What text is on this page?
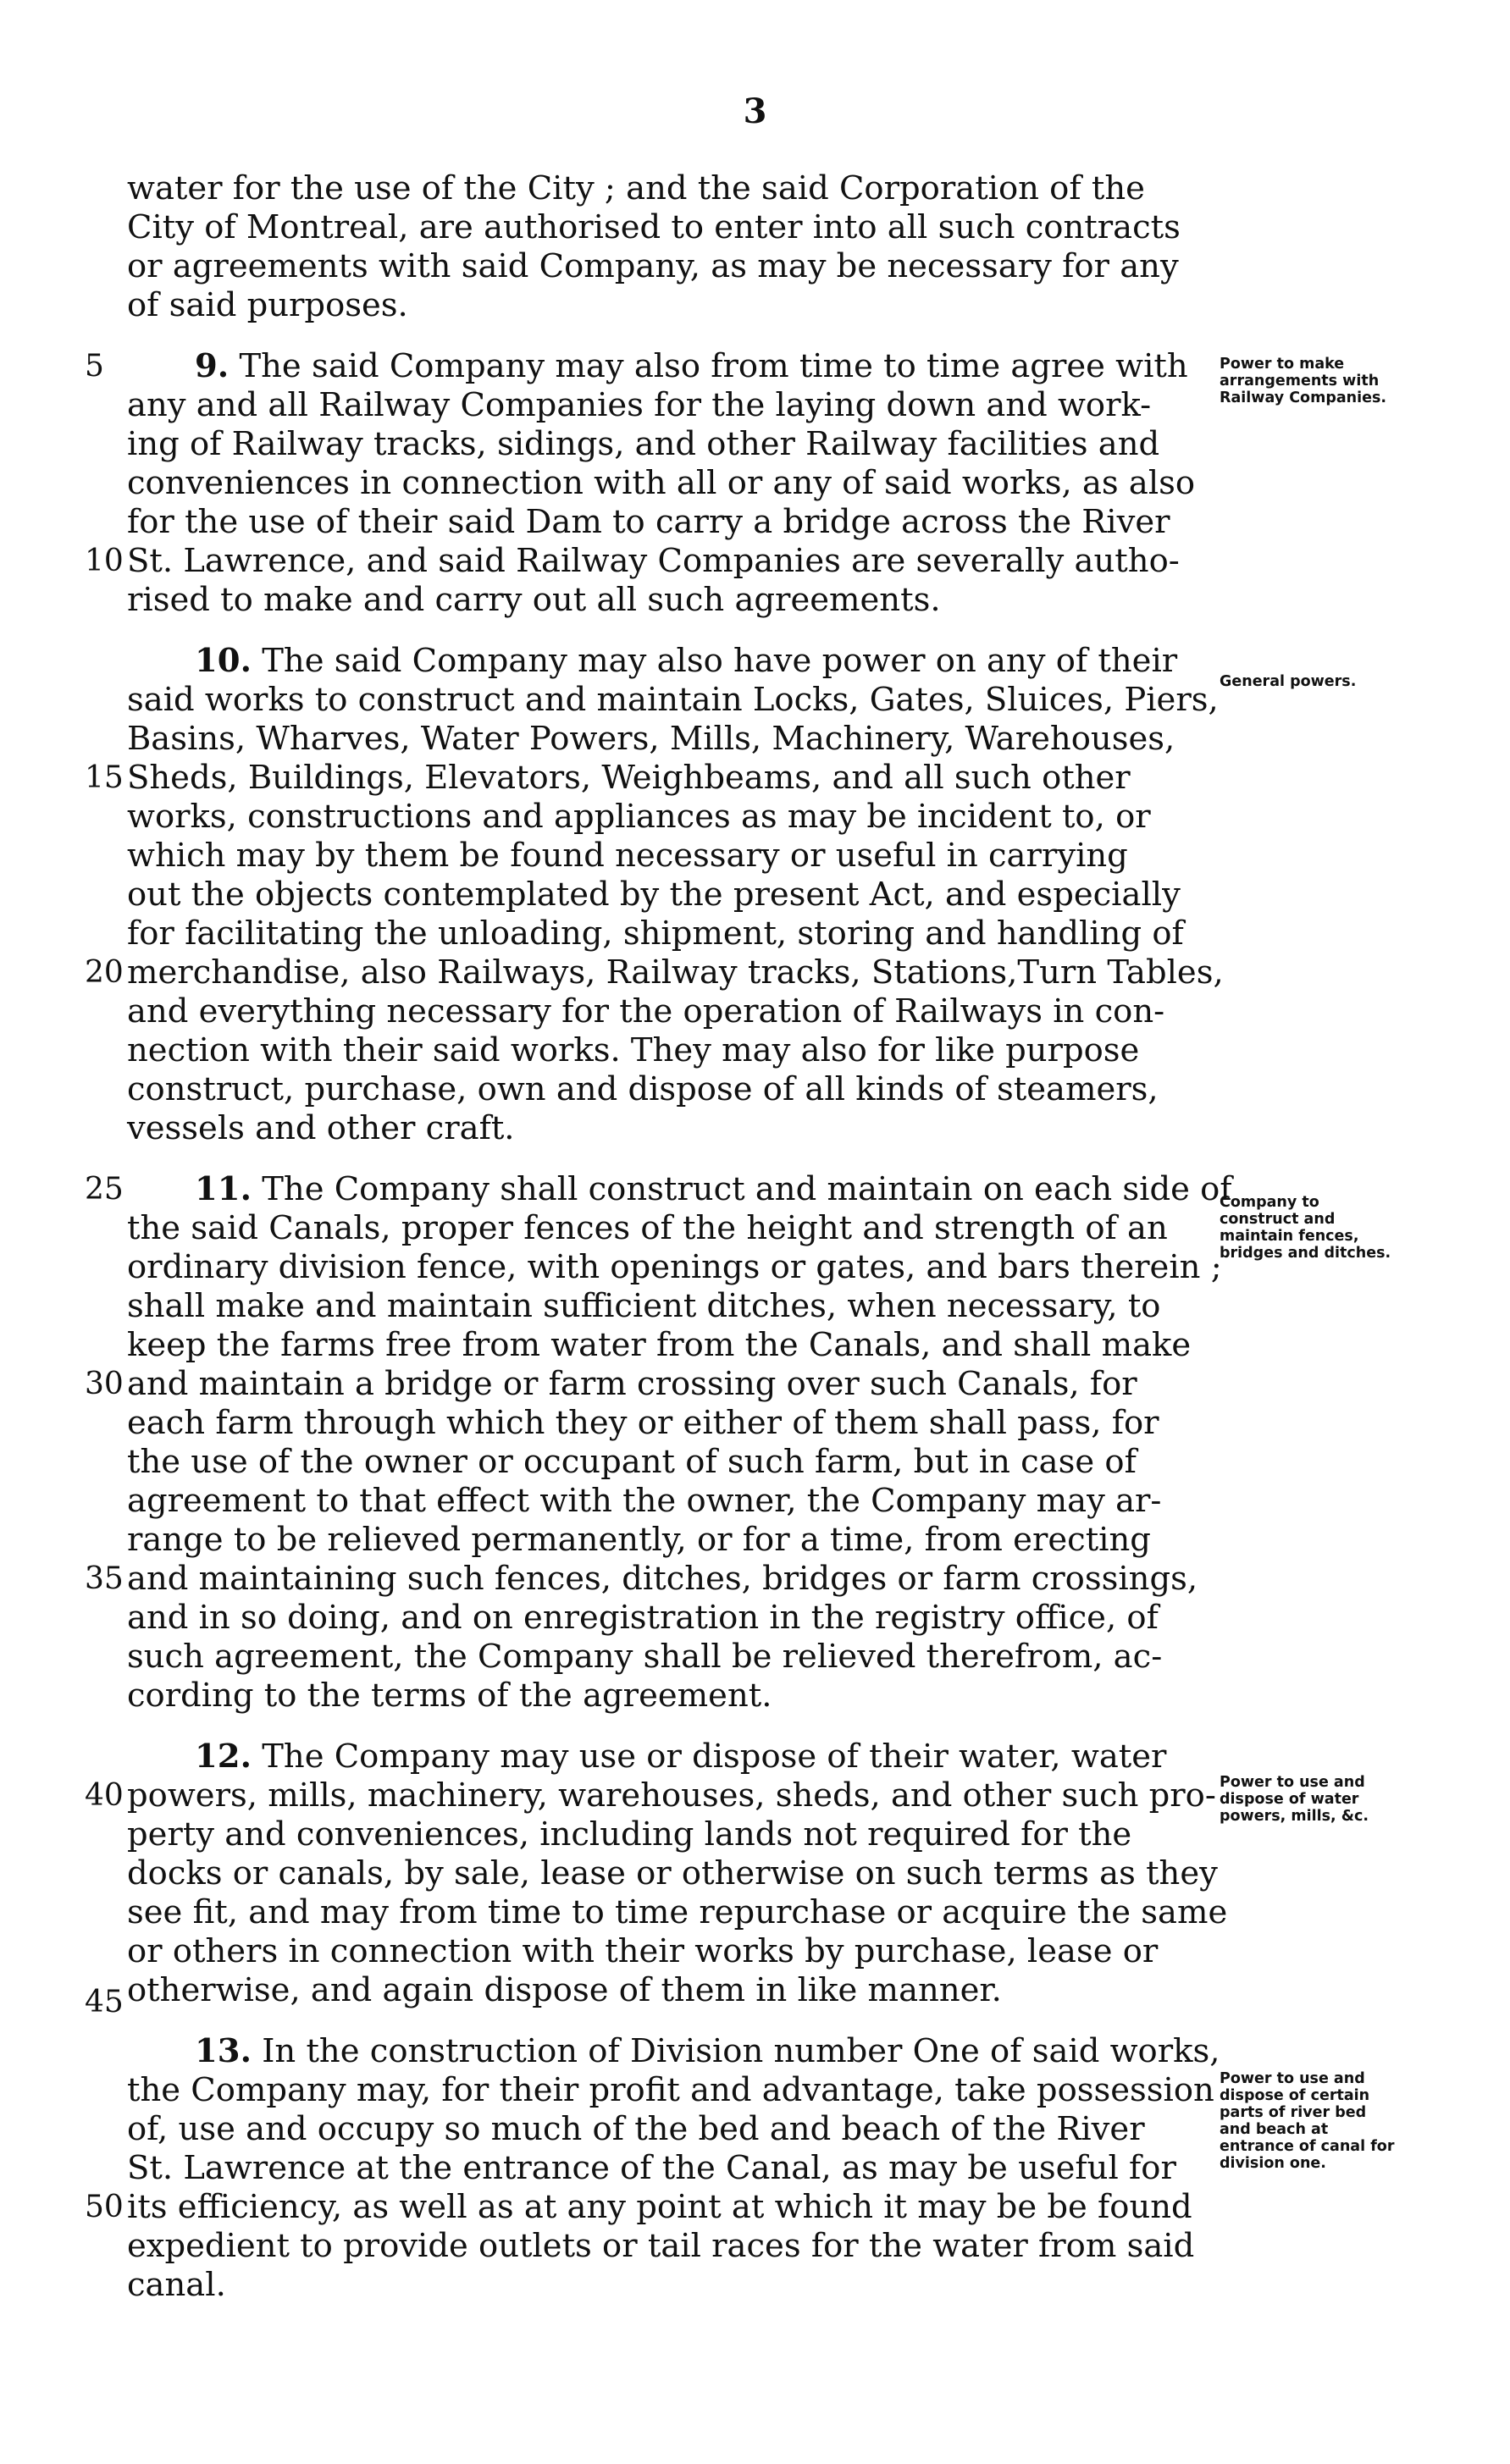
3
water for the use of the City ; and the said Corporation of the
City of Montreal, are authorised to enter into all such contracts
or agreements with said Company, as may be necessary for any
of said purposes.
5	9. The said Company may also from time to time agree with
any and all Railway Companies for the laying down and work-
ing of Railway tracks, sidings, and other Railway facilities and
conveniences in connection with all or any of said works, as also
for the use of their said Dam to carry a bridge across the River
10 St. Lawrence, and said Railway Companies are severally autho-
rised to make and carry out all such agreements.
10. The said Company may also have power on any of their
said works to construct and maintain Locks, Gates, Sluices, Piers,
Basins, Wharves, Water Powers, Mills, Machinery, Warehouses,
15 Sheds, Buildings, Elevators, Weighbeams, and all such other
works, constructions and appliances as may be incident to, or
which may by them be found necessary or useful in carrying
out the objects contemplated by the present Act, and especially
for facilitating the unloading, shipment, storing and handling of
20 merchandise, also Railways, Railway tracks, Stations,Turn Tables,
and everything necessary for the operation of Railways in con-
nection with their said works. They may also for like purpose
construct, purchase, own and dispose of all kinds of steamers,
vessels and other craft.
25	11. The Company shall construct and maintain on each side of
the said Canals, proper fences of the height and strength of an
ordinary division fence, with openings or gates, and bars therein ;
shall make and maintain sufficient ditches, when necessary, to
keep the farms free from water from the Canals, and shall make
30 and maintain a bridge or farm crossing over such Canals, for
each farm through which they or either of them shall pass, for
the use of the owner or occupant of such farm, but in case of
agreement to that effect with the owner, the Company may ar-
range to be relieved permanently, or for a time, from erecting
35 and maintaining such fences, ditches, bridges or farm crossings,
and in so doing, and on enregistration in the registry office, of
such agreement, the Company shall be relieved therefrom, ac-
cording to the terms of the agreement.
12. The Company may use or dispose of their water, water
40 powers, mills, machinery, warehouses, sheds, and other such pro-
perty and conveniences, including lands not required for the
docks or canals, by sale, lease or otherwise on such terms as they
see fit, and may from time to time repurchase or acquire the same
or others in connection with their works by purchase, lease or
otherwise, and again dispose of them in like manner.
45
13. In the construction of Division number One of said works,
the Company may, for their profit and advantage, take possession
of, use and occupy so much of the bed and beach of the River
St. Lawrence at the entrance of the Canal, as may be useful for
50 its efficiency, as well as at any point at which it may be be found
expedient to provide outlets or tail races for the water from said
canal.
Power to make arrangements with Railway Companies.
General powers.
Company to construct and maintain fences, bridges and ditches.
Power to use and dispose of water powers, mills, &c.
Power to use and dispose of certain parts of river bed and beach at entrance of canal for division one.
